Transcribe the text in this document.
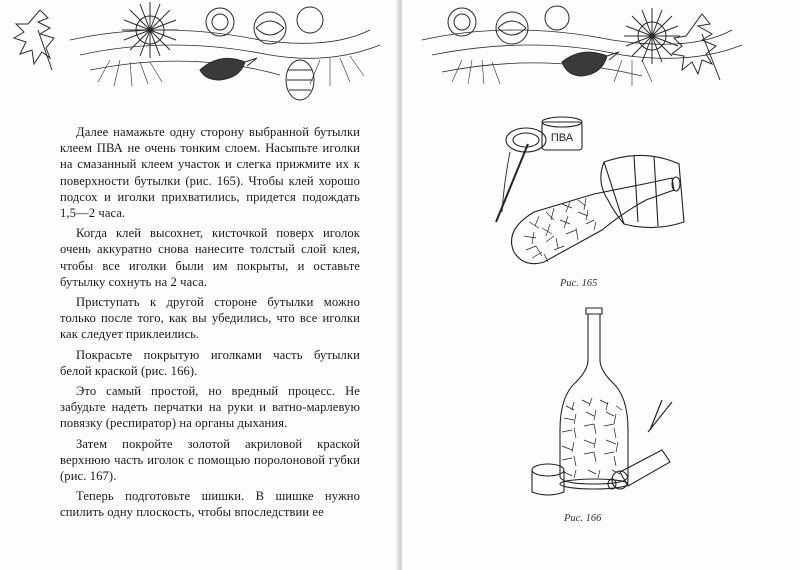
Далее намажьте одну сторону выбранной бутылки клеем ПВА не очень тонким слоем. Насыпьте иголки на смазанный клеем участок и слегка прижмите их к поверхности бутылки (рис. 165). Чтобы клей хорошо подсох и иголки прихватились, придется подождать 1,5—2 часа.

Когда клей высохнет, кисточкой поверх иголок очень аккуратно снова нанесите толстый слой клея, чтобы все иголки были им покрыты, и оставьте бутылку сохнуть на 2 часа.

Приступать к другой стороне бутылки можно только после того, как вы убедились, что все иголки как следует приклеились.

Покрасьте покрытую иголками часть бутылки белой краской (рис. 166).

Это самый простой, но вредный процесс. Не забудьте надеть перчатки на руки и ватно-марлевую повязку (респиратор) на органы дыхания.

Затем покройте золотой акриловой краской верхнюю часть иголок с помощью поролоновой губки (рис. 167).

Теперь подготовьте шишки. В шишке нужно спилить одну плоскость, чтобы впоследствии ее

ПВА
Рис. 165
Рис. 166
